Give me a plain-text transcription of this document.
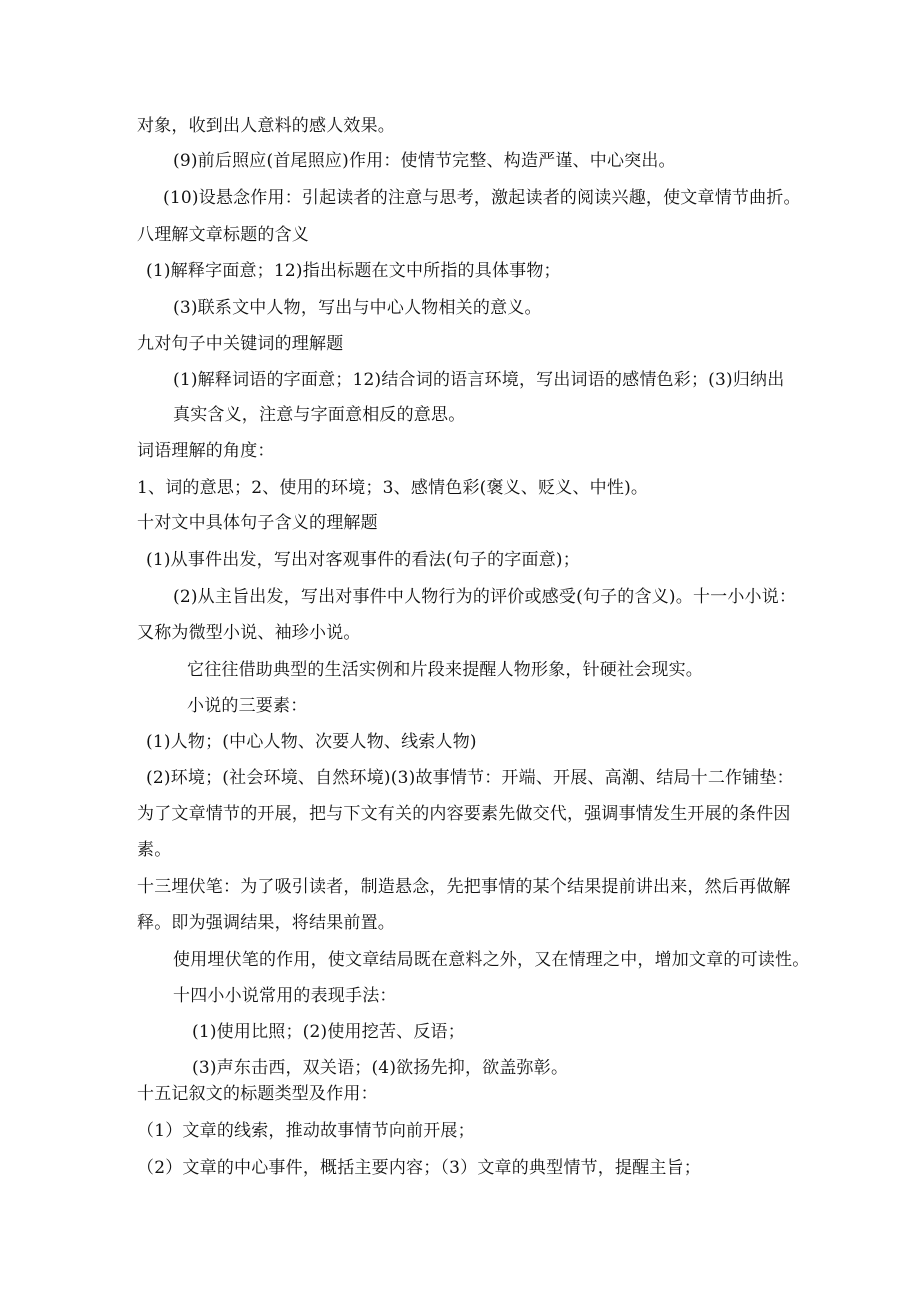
对象，收到出人意料的感人效果。
(9)前后照应(首尾照应)作用：使情节完整、构造严谨、中心突出。
(10)设悬念作用：引起读者的注意与思考，激起读者的阅读兴趣，使文章情节曲折。
八理解文章标题的含义
(1)解释字面意；12)指出标题在文中所指的具体事物；
(3)联系文中人物，写出与中心人物相关的意义。
九对句子中关键词的理解题
(1)解释词语的字面意；12)结合词的语言环境，写出词语的感情色彩；(3)归纳出
真实含义，注意与字面意相反的意思。
词语理解的角度：
1、词的意思；2、使用的环境；3、感情色彩(褒义、贬义、中性)。
十对文中具体句子含义的理解题
(1)从事件出发，写出对客观事件的看法(句子的字面意)；
(2)从主旨出发，写出对事件中人物行为的评价或感受(句子的含义)。十一小小说：
又称为微型小说、袖珍小说。
它往往借助典型的生活实例和片段来提醒人物形象，针硬社会现实。
小说的三要素：
(1)人物；(中心人物、次要人物、线索人物)
(2)环境；(社会环境、自然环境)(3)故事情节：开端、开展、高潮、结局十二作铺垫：
为了文章情节的开展，把与下文有关的内容要素先做交代，强调事情发生开展的条件因
素。
十三埋伏笔：为了吸引读者，制造悬念，先把事情的某个结果提前讲出来，然后再做解
释。即为强调结果，将结果前置。
使用埋伏笔的作用，使文章结局既在意料之外，又在情理之中，增加文章的可读性。
十四小小说常用的表现手法：
(1)使用比照；(2)使用挖苦、反语；
(3)声东击西，双关语；(4)欲扬先抑，欲盖弥彰。
十五记叙文的标题类型及作用：
（1）文章的线索，推动故事情节向前开展；
（2）文章的中心事件，概括主要内容；（3）文章的典型情节，提醒主旨；
